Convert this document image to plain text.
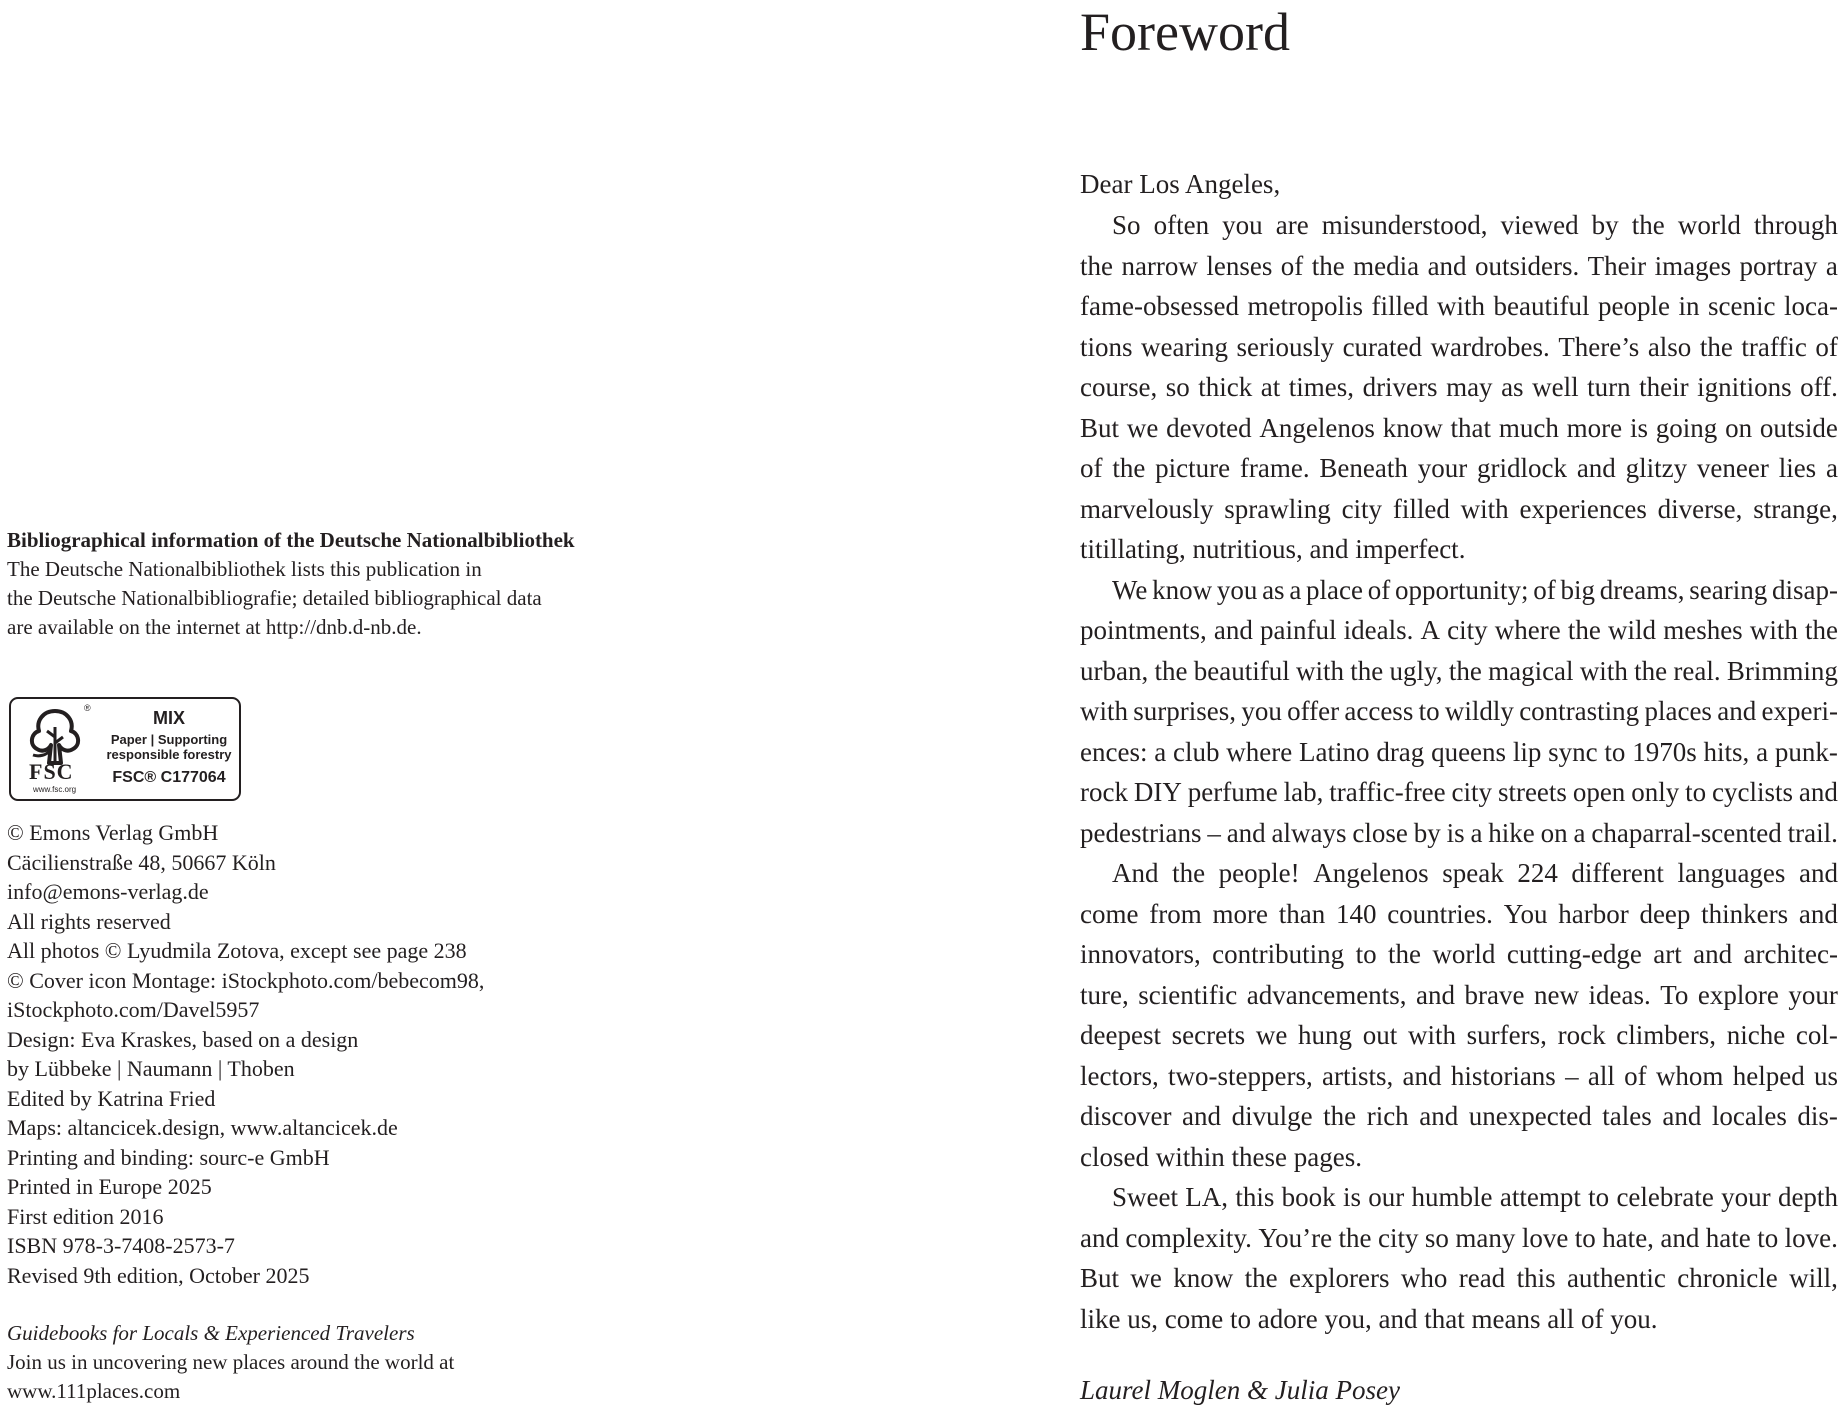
Bibliographical information of the Deutsche Nationalbibliothek
The Deutsche Nationalbibliothek lists this publication in
the Deutsche Nationalbibliografie; detailed bibliographical data
are available on the internet at http://dnb.d-nb.de.
®
FSC
www.fsc.org
MIX
Paper | Supporting
responsible forestry
FSC® C177064
© Emons Verlag GmbH
Cäcilienstraße 48, 50667 Köln
info@emons-verlag.de
All rights reserved
All photos © Lyudmila Zotova, except see page 238
© Cover icon Montage: iStockphoto.com/bebecom98,
iStockphoto.com/Davel5957
Design: Eva Kraskes, based on a design
by Lübbeke | Naumann | Thoben
Edited by Katrina Fried
Maps: altancicek.design, www.altancicek.de
Printing and binding: sourc-e GmbH
Printed in Europe 2025
First edition 2016
ISBN 978-3-7408-2573-7
Revised 9th edition, October 2025
Guidebooks for Locals & Experienced Travelers
Join us in uncovering new places around the world at
www.111places.com
Foreword
Dear Los Angeles,
So often you are misunderstood, viewed by the world through
the narrow lenses of the media and outsiders. Their images portray a
fame-obsessed metropolis filled with beautiful people in scenic loca-
tions wearing seriously curated wardrobes. There’s also the traffic of
course, so thick at times, drivers may as well turn their ignitions off.
But we devoted Angelenos know that much more is going on outside
of the picture frame. Beneath your gridlock and glitzy veneer lies a
marvelously sprawling city filled with experiences diverse, strange,
titillating, nutritious, and imperfect.
We know you as a place of opportunity; of big dreams, searing disap-
pointments, and painful ideals. A city where the wild meshes with the
urban, the beautiful with the ugly, the magical with the real. Brimming
with surprises, you offer access to wildly contrasting places and experi-
ences: a club where Latino drag queens lip sync to 1970s hits, a punk-
rock DIY perfume lab, traffic-free city streets open only to cyclists and
pedestrians – and always close by is a hike on a chaparral-scented trail.
And the people! Angelenos speak 224 different languages and
come from more than 140 countries. You harbor deep thinkers and
innovators, contributing to the world cutting-edge art and architec-
ture, scientific advancements, and brave new ideas. To explore your
deepest secrets we hung out with surfers, rock climbers, niche col-
lectors, two-steppers, artists, and historians – all of whom helped us
discover and divulge the rich and unexpected tales and locales dis-
closed within these pages.
Sweet LA, this book is our humble attempt to celebrate your depth
and complexity. You’re the city so many love to hate, and hate to love.
But we know the explorers who read this authentic chronicle will,
like us, come to adore you, and that means all of you.
Laurel Moglen & Julia Posey
